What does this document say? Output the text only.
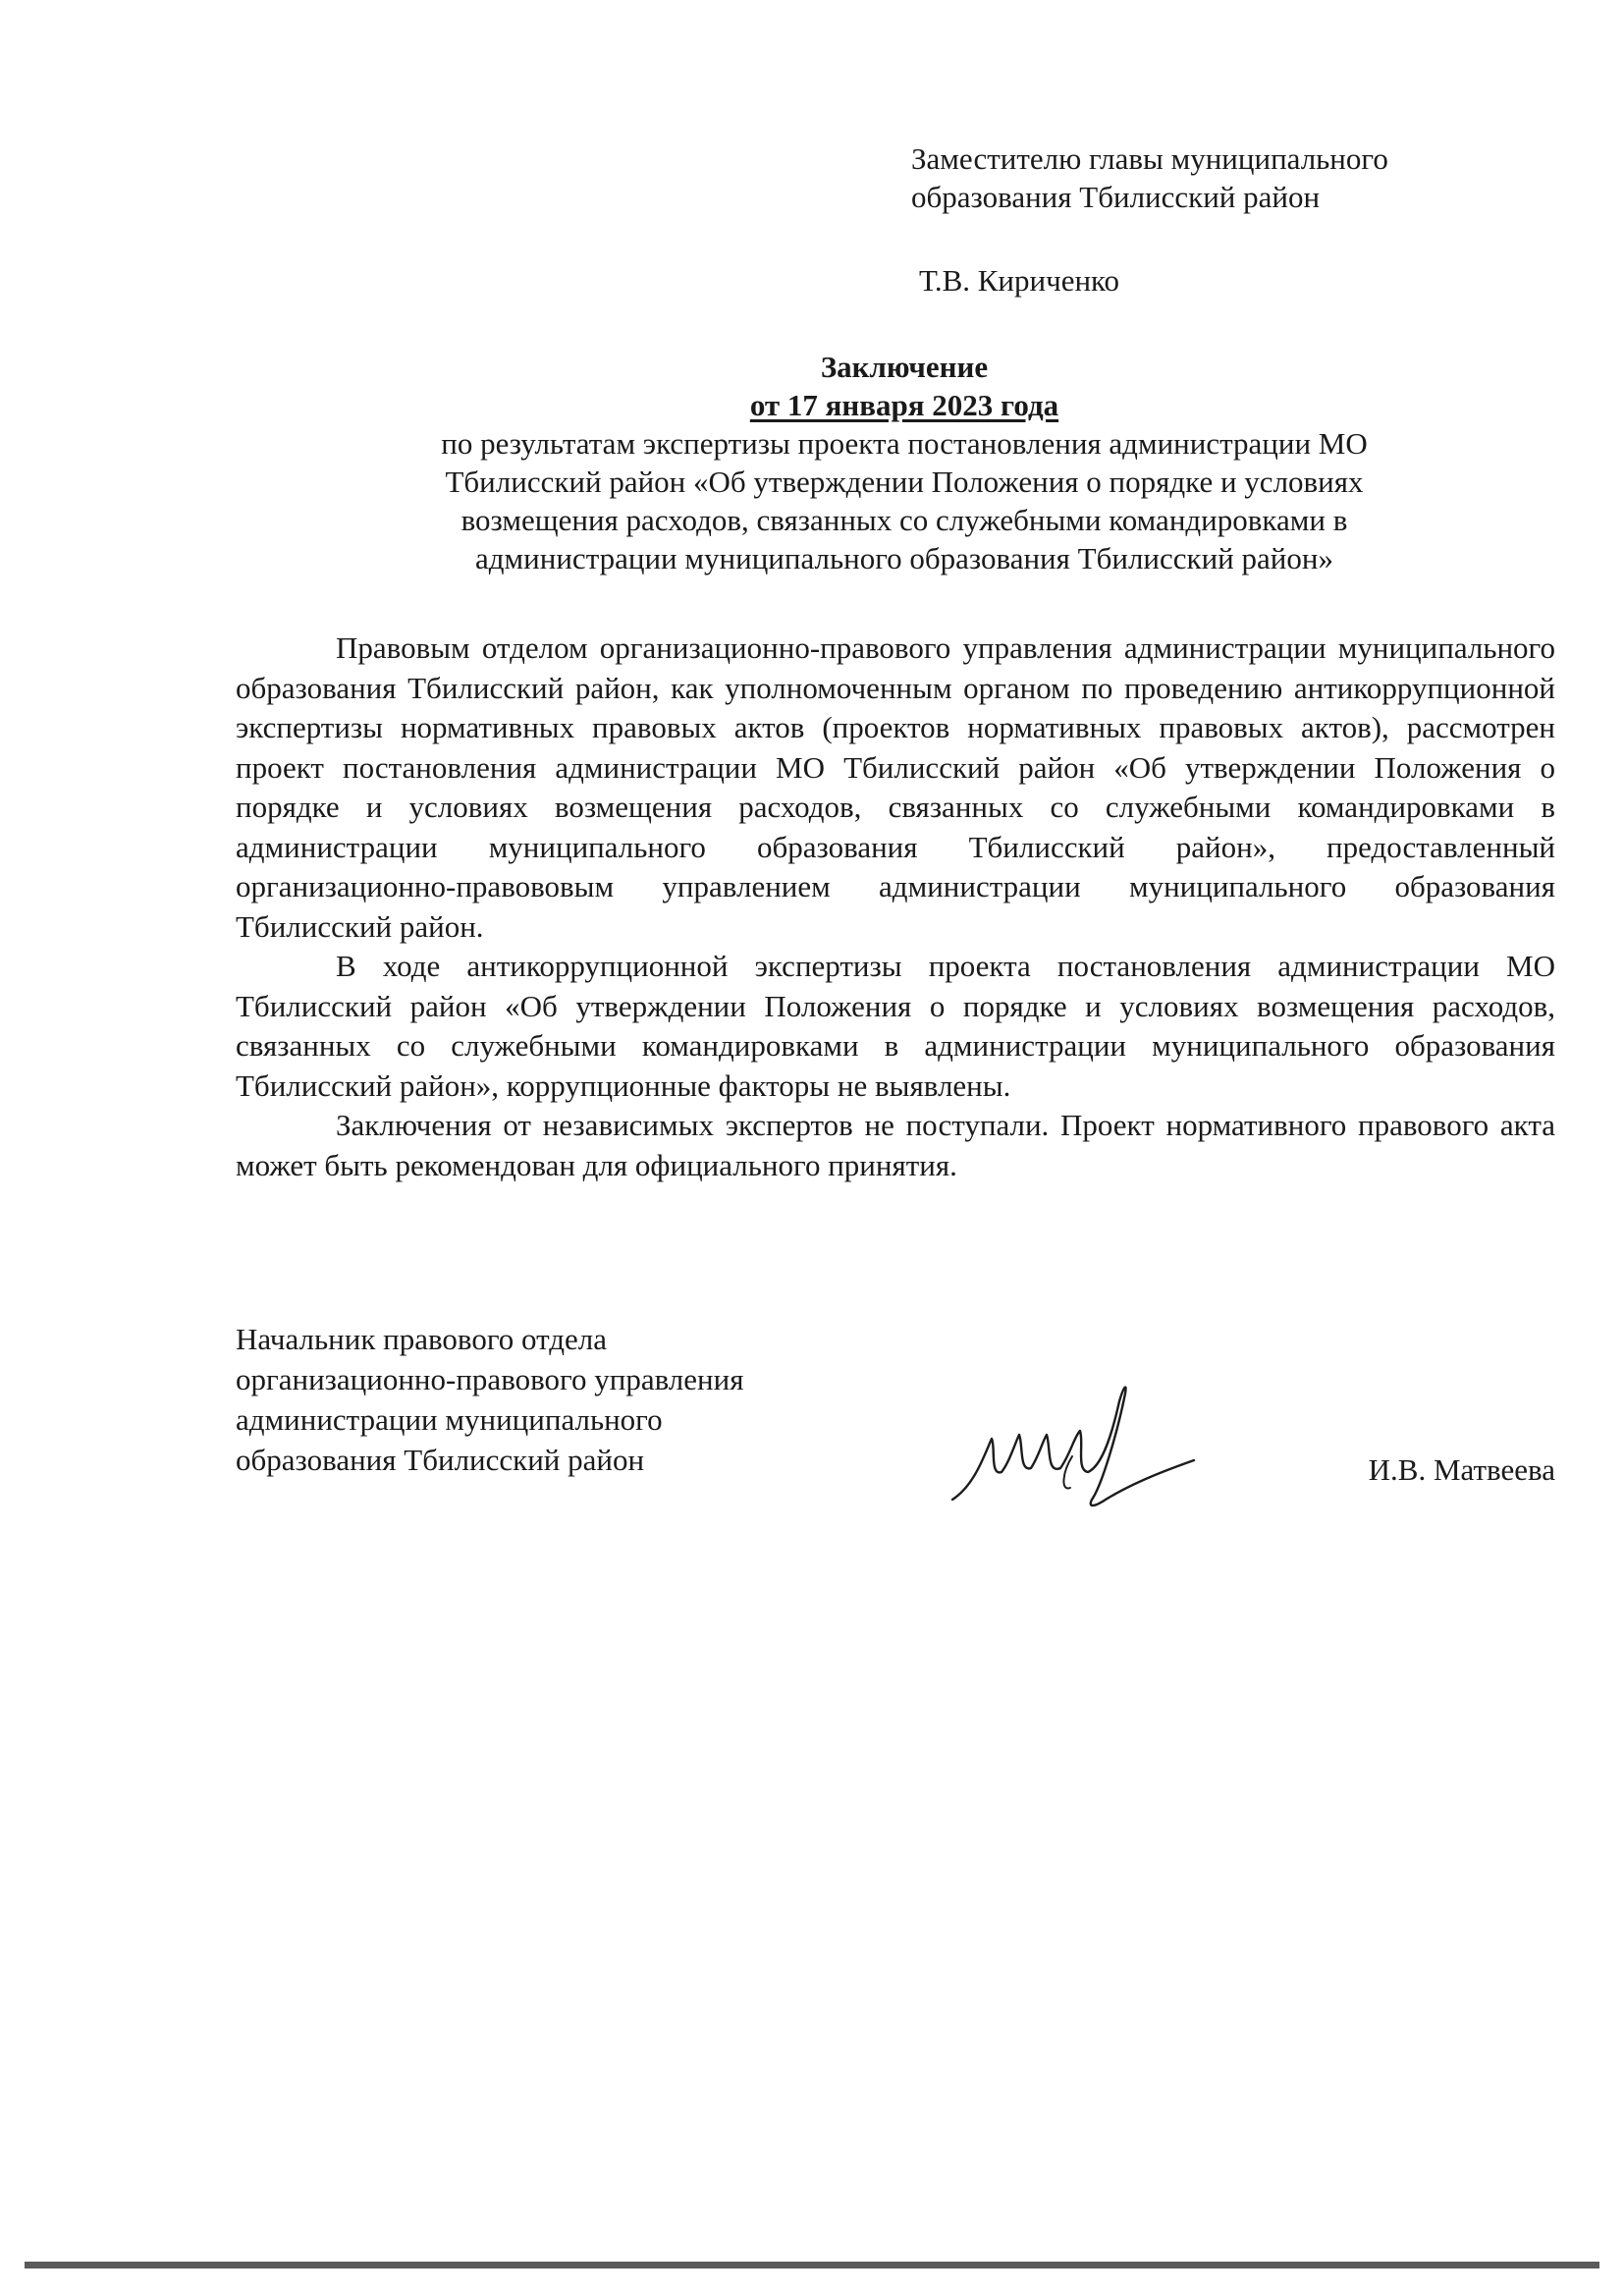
Заместителю главы муниципального
образования Тбилисский район
Т.В. Кириченко
Заключение
от 17 января 2023 года
по результатам экспертизы проекта постановления администрации МО
Тбилисский район «Об утверждении Положения о порядке и условиях
возмещения расходов, связанных со служебными командировками в
администрации муниципального образования Тбилисский район»

Правовым отделом организационно-правового управления администрации муниципального образования Тбилисский район, как уполномоченным органом по проведению антикоррупционной экспертизы нормативных правовых актов (проектов нормативных правовых актов), рассмотрен проект постановления администрации МО Тбилисский район «Об утверждении Положения о порядке и условиях возмещения расходов, связанных со служебными командировками в администрации муниципального образования Тбилисский район», предоставленный организационно-правововым управлением администрации муниципального образования Тбилисский район.

В ходе антикоррупционной экспертизы проекта постановления администрации МО Тбилисский район «Об утверждении Положения о порядке и условиях возмещения расходов, связанных со служебными командировками в администрации муниципального образования Тбилисский район», коррупционные факторы не выявлены.

Заключения от независимых экспертов не поступали. Проект нормативного правового акта может быть рекомендован для официального принятия.

Начальник правового отдела
организационно-правового управления
администрации муниципального
образования Тбилисский район	И.В. Матвеева
